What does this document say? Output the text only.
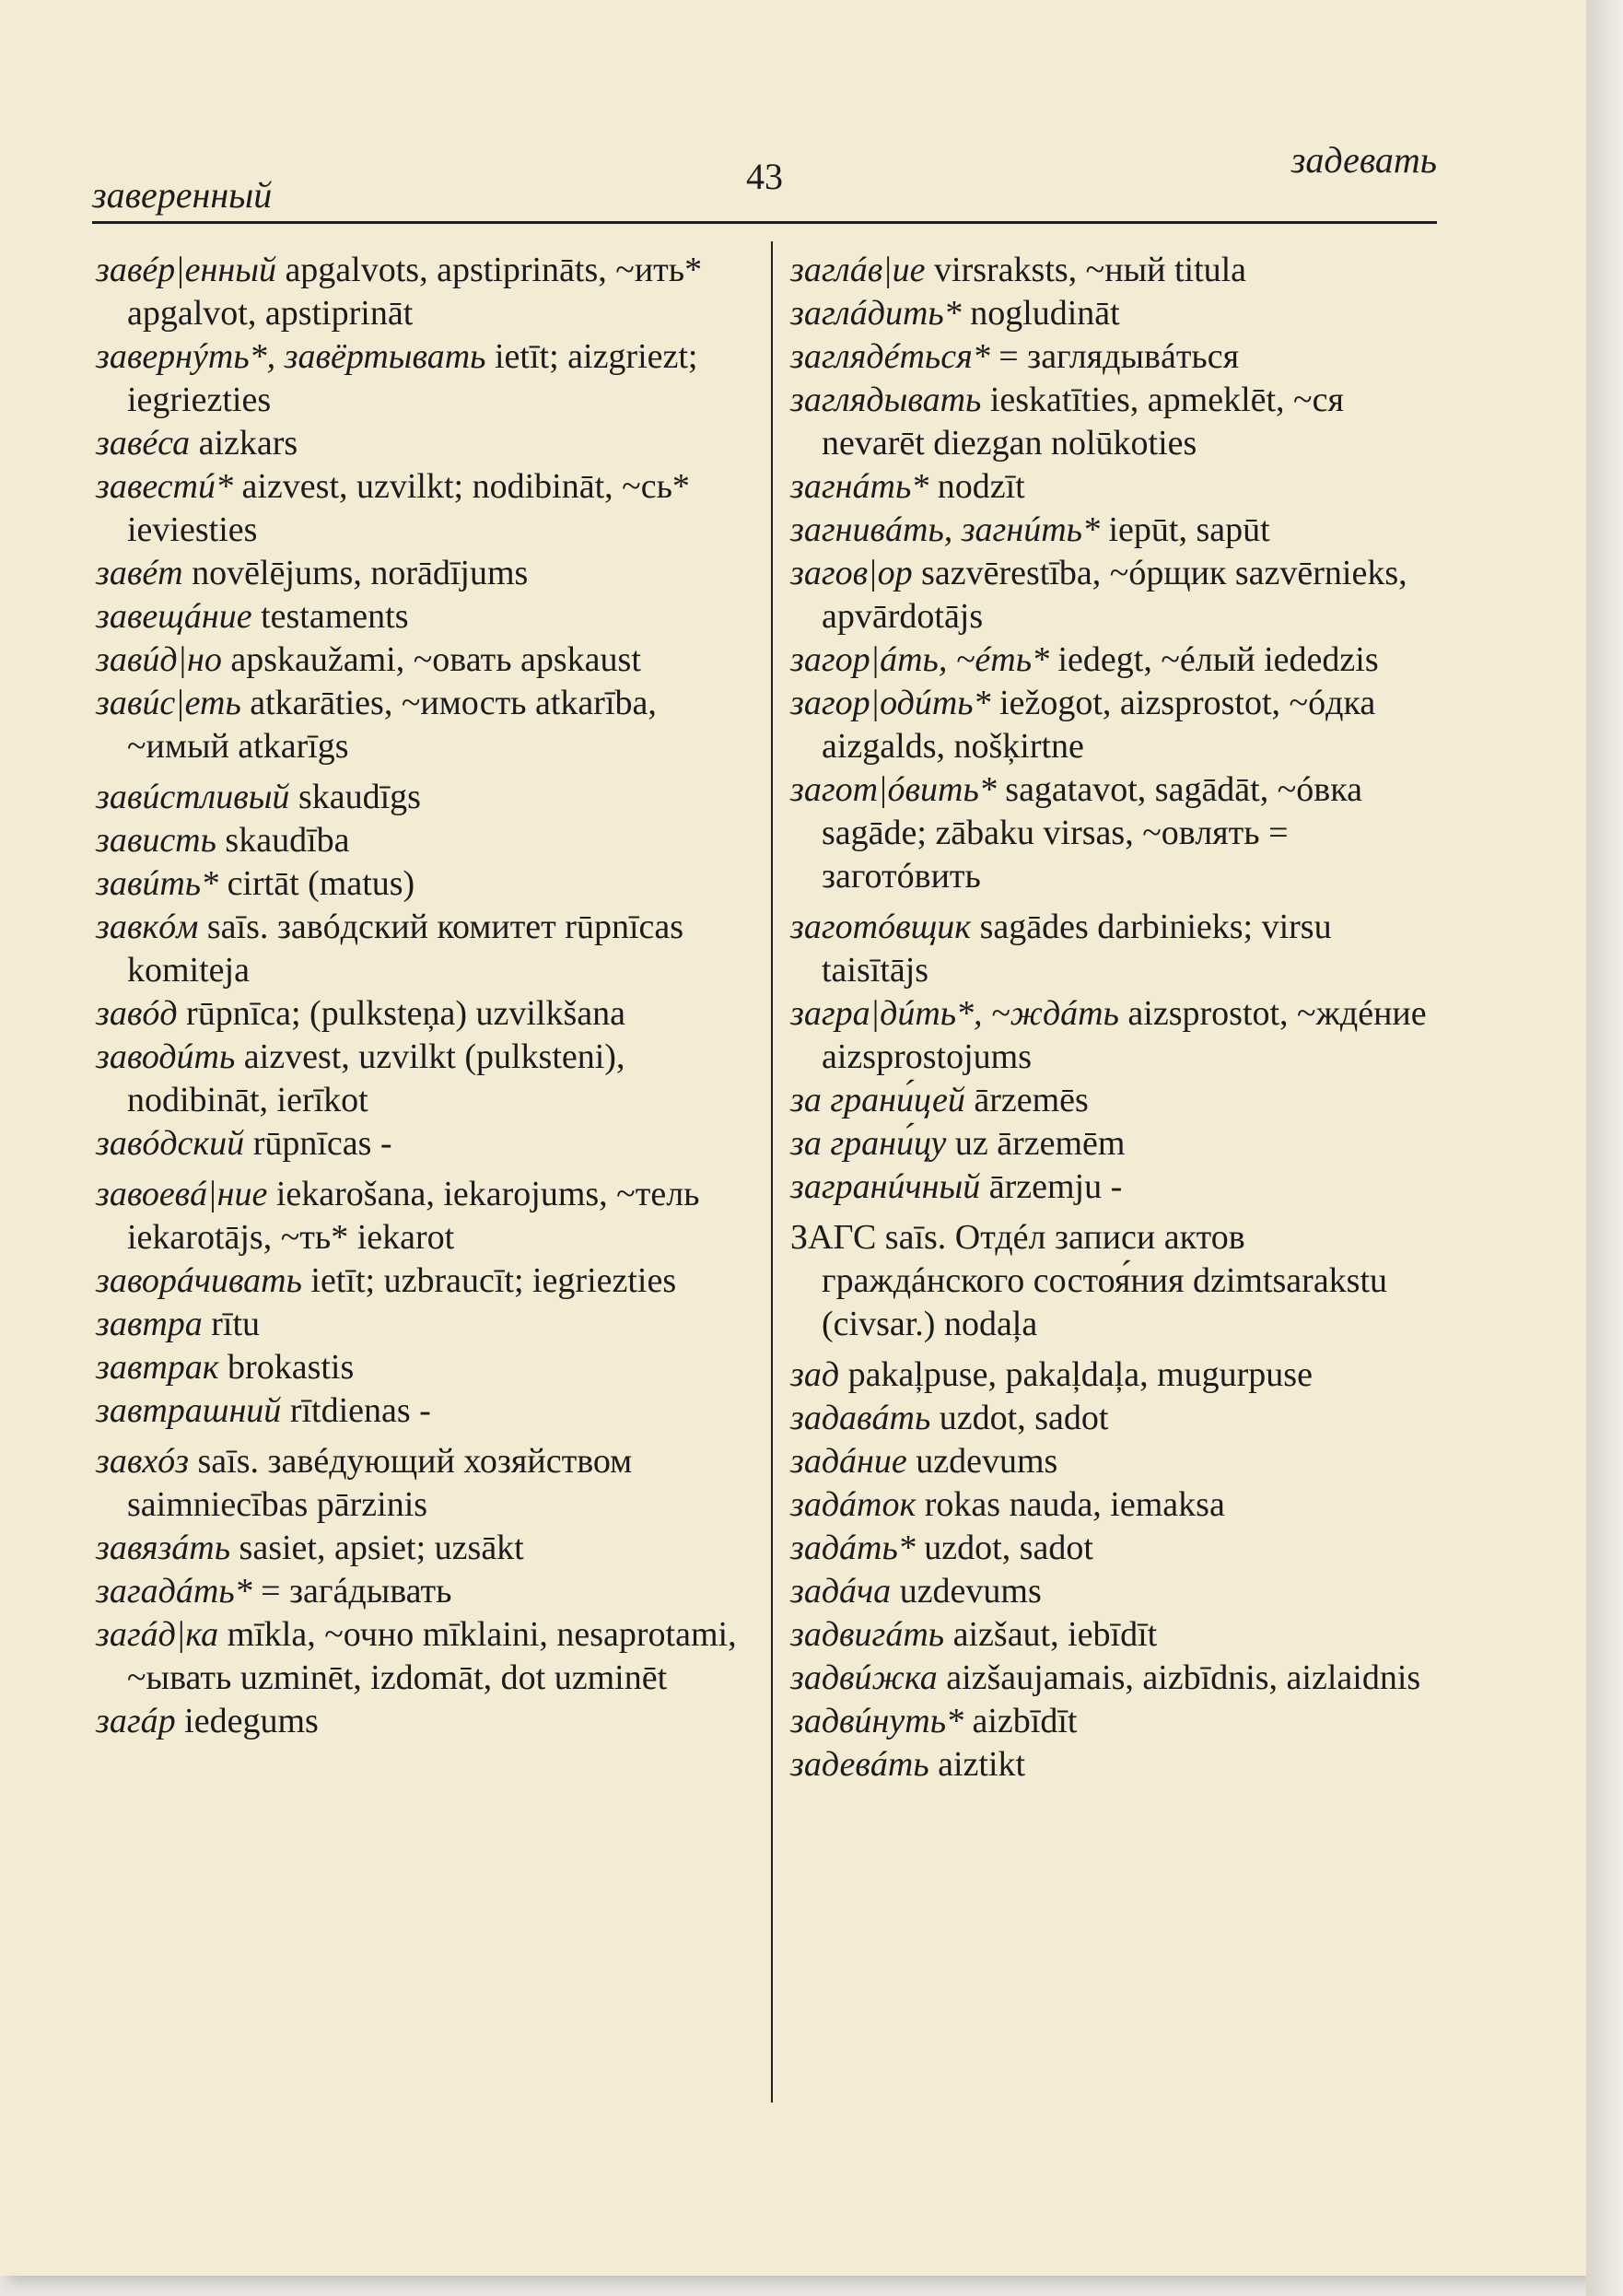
заверенный	43	задевать
завéр|енный apgalvots, apstiprināts, ~ить* apgalvot, apstiprināt
завернýть*, завёртывать ietīt; aizgriezt; iegriezties
завéса aizkars
завестú* aizvest, uzvilkt; nodibināt, ~сь* ieviesties
завéт novēlējums, norādījums
завещáние testaments
завúд|но apskaužami, ~овать apskaust
завúс|еть atkarāties, ~имость atkarība, ~имый atkarīgs
завúстливый skaudīgs
зависть skaudība
завúть* cirtāt (matus)
завкóм saīs. завóдский комитет rūpnīcas komiteja
завóд rūpnīca; (pulksteņa) uzvilkšana
заводúть aizvest, uzvilkt (pulksteni), nodibināt, ierīkot
завóдский rūpnīcas -
завоевá|ние iekarošana, iekarojums, ~тель iekarotājs, ~ть* iekarot
заворáчивать ietīt; uzbraucīt; iegriezties
завтра rītu
завтрак brokastis
завтрашний rītdienas -
завхóз saīs. завéдующий хозяйством saimniecības pārzinis
завязáть sasiet, apsiet; uzsākt
загадáть* = загáдывать
загáд|ка mīkla, ~очно mīklaini, nesaprotami, ~ывать uzminēt, izdomāt, dot uzminēt
загáр iedegums
заглáв|ие virsraksts, ~ный titula
заглáдить* nogludināt
заглядéться* = заглядывáться
заглядывать ieskatīties, apmeklēt, ~ся nevarēt diezgan nolūkoties
загнáть* nodzīt
загнивáть, загнúть* iepūt, sapūt
загов|ор sazvērestība, ~óрщик sazvērnieks, apvārdotājs
загор|áть, ~éть* iedegt, ~éлый iededzis
загор|одúть* iežogot, aizsprostot, ~óдка aizgalds, nošķirtne
загот|óвить* sagatavot, sagādāt, ~óвка sagāde; zābaku virsas, ~овлять = заготóвить
заготóвщик sagādes darbinieks; virsu taisītājs
загра|дúть*, ~ждáть aizsprostot, ~ждéние aizsprostojums
за грани́цей ārzemēs
за грани́цу uz ārzemēm
загранúчный ārzemju -
ЗАГС saīs. Отдéл записи актов граждáнского состоя́ния dzimtsarakstu (civsar.) nodaļa
зад pakaļpuse, pakaļdaļa, mugurpuse
задавáть uzdot, sadot
задáние uzdevums
задáток rokas nauda, iemaksa
задáть* uzdot, sadot
задáча uzdevums
задвигáть aizšaut, iebīdīt
задвúжка aizšaujamais, aizbīdnis, aizlaidnis
задвúнуть* aizbīdīt
задевáть aiztikt
